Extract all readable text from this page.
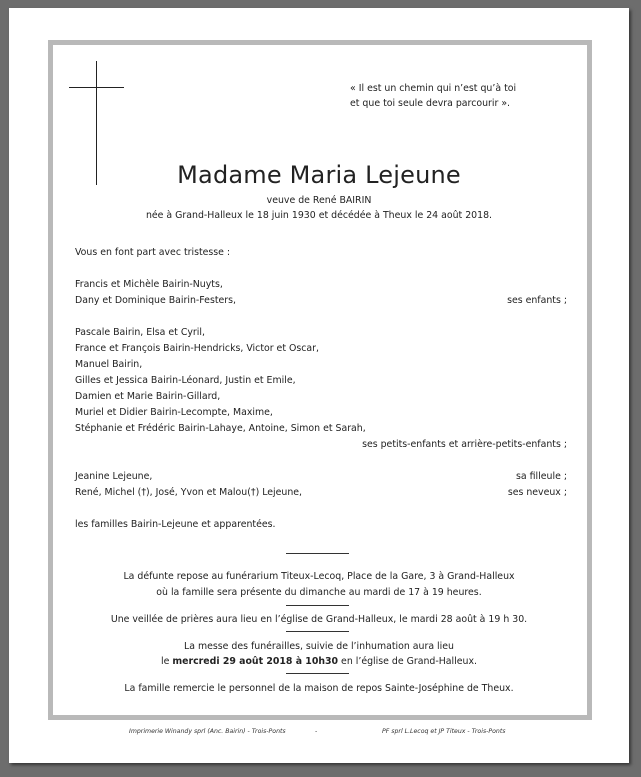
« Il est un chemin qui n’est qu’à toi
et que toi seule devra parcourir ».
Madame Maria Lejeune
veuve de René BAIRIN
née à Grand-Halleux le 18 juin 1930 et décédée à Theux le 24 août 2018.
Vous en font part avec tristesse :
Francis et Michèle Bairin-Nuyts,
Dany et Dominique Bairin-Festers,	ses enfants ;
Pascale Bairin, Elsa et Cyril,
France et François Bairin-Hendricks, Victor et Oscar,
Manuel Bairin,
Gilles et Jessica Bairin-Léonard, Justin et Emile,
Damien et Marie Bairin-Gillard,
Muriel et Didier Bairin-Lecompte, Maxime,
Stéphanie et Frédéric Bairin-Lahaye, Antoine, Simon et Sarah,
ses petits-enfants et arrière-petits-enfants ;
Jeanine Lejeune,	sa filleule ;
René, Michel (†), José, Yvon et Malou(†) Lejeune,	ses neveux ;
les familles Bairin-Lejeune et apparentées.
La défunte repose au funérarium Titeux-Lecoq, Place de la Gare, 3 à Grand-Halleux
où la famille sera présente du dimanche au mardi de 17 à 19 heures.
Une veillée de prières aura lieu en l’église de Grand-Halleux, le mardi 28 août à 19 h 30.
La messe des funérailles, suivie de l’inhumation aura lieu
le mercredi 29 août 2018 à 10h30 en l’église de Grand-Halleux.
La famille remercie le personnel de la maison de repos Sainte-Joséphine de Theux.
Imprimerie Winandy sprl (Anc. Bairin) - Trois-Ponts	-	PF sprl L.Lecoq et JP Titeux - Trois-Ponts
